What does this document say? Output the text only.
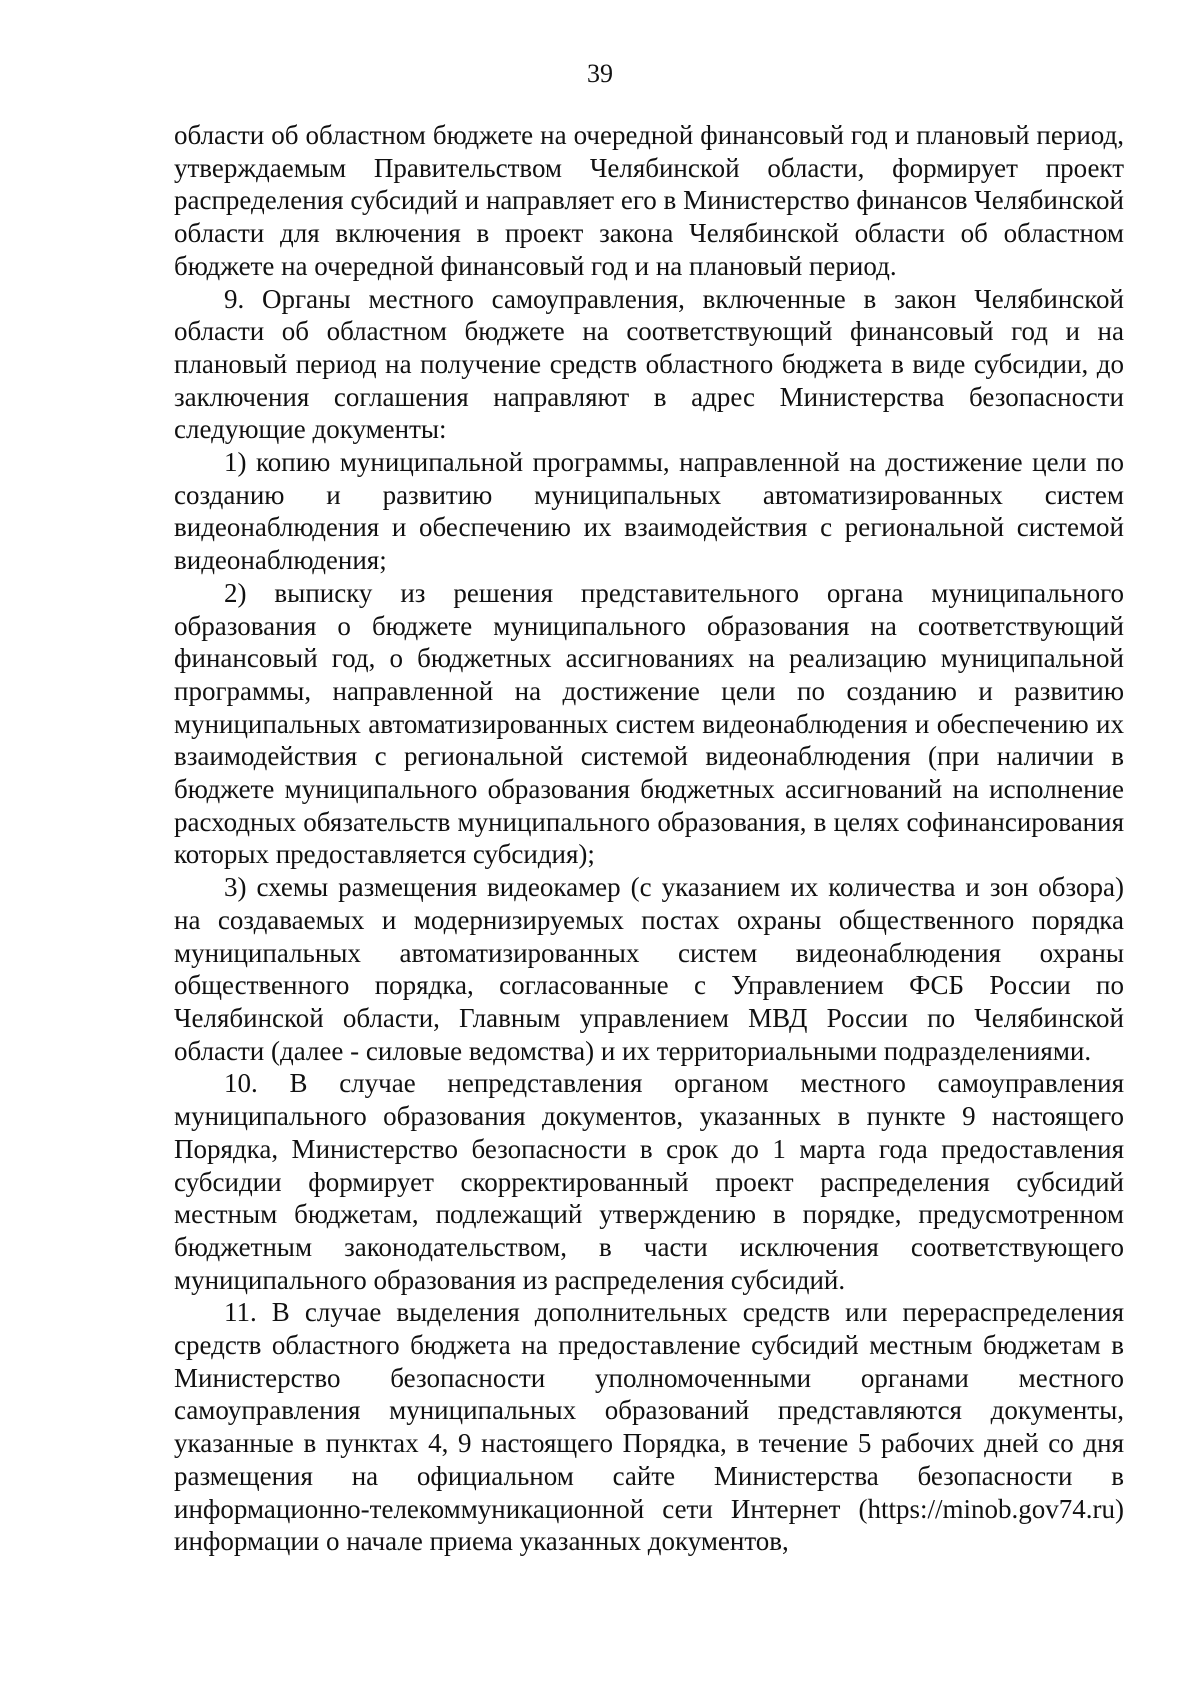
39

области об областном бюджете на очередной финансовый год и плановый период, утверждаемым Правительством Челябинской области, формирует проект распределения субсидий и направляет его в Министерство финансов Челябинской области для включения в проект закона Челябинской области об областном бюджете на очередной финансовый год и на плановый период.

9. Органы местного самоуправления, включенные в закон Челябинской области об областном бюджете на соответствующий финансовый год и на плановый период на получение средств областного бюджета в виде субсидии, до заключения соглашения направляют в адрес Министерства безопасности следующие документы:

1) копию муниципальной программы, направленной на достижение цели по созданию и развитию муниципальных автоматизированных систем видеонаблюдения и обеспечению их взаимодействия с региональной системой видеонаблюдения;

2) выписку из решения представительного органа муниципального образования о бюджете муниципального образования на соответствующий финансовый год, о бюджетных ассигнованиях на реализацию муниципальной программы, направленной на достижение цели по созданию и развитию муниципальных автоматизированных систем видеонаблюдения и обеспечению их взаимодействия с региональной системой видеонаблюдения (при наличии в бюджете муниципального образования бюджетных ассигнований на исполнение расходных обязательств муниципального образования, в целях софинансирования которых предоставляется субсидия);

3) схемы размещения видеокамер (с указанием их количества и зон обзора) на создаваемых и модернизируемых постах охраны общественного порядка муниципальных автоматизированных систем видеонаблюдения охраны общественного порядка, согласованные с Управлением ФСБ России по Челябинской области, Главным управлением МВД России по Челябинской области (далее - силовые ведомства) и их территориальными подразделениями.

10. В случае непредставления органом местного самоуправления муниципального образования документов, указанных в пункте 9 настоящего Порядка, Министерство безопасности в срок до 1 марта года предоставления субсидии формирует скорректированный проект распределения субсидий местным бюджетам, подлежащий утверждению в порядке, предусмотренном бюджетным законодательством, в части исключения соответствующего муниципального образования из распределения субсидий.

11. В случае выделения дополнительных средств или перераспределения средств областного бюджета на предоставление субсидий местным бюджетам в Министерство безопасности уполномоченными органами местного самоуправления муниципальных образований представляются документы, указанные в пунктах 4, 9 настоящего Порядка, в течение 5 рабочих дней со дня размещения на официальном сайте Министерства безопасности в информационно-телекоммуникационной сети Интернет (https://minob.gov74.ru) информации о начале приема указанных документов,
